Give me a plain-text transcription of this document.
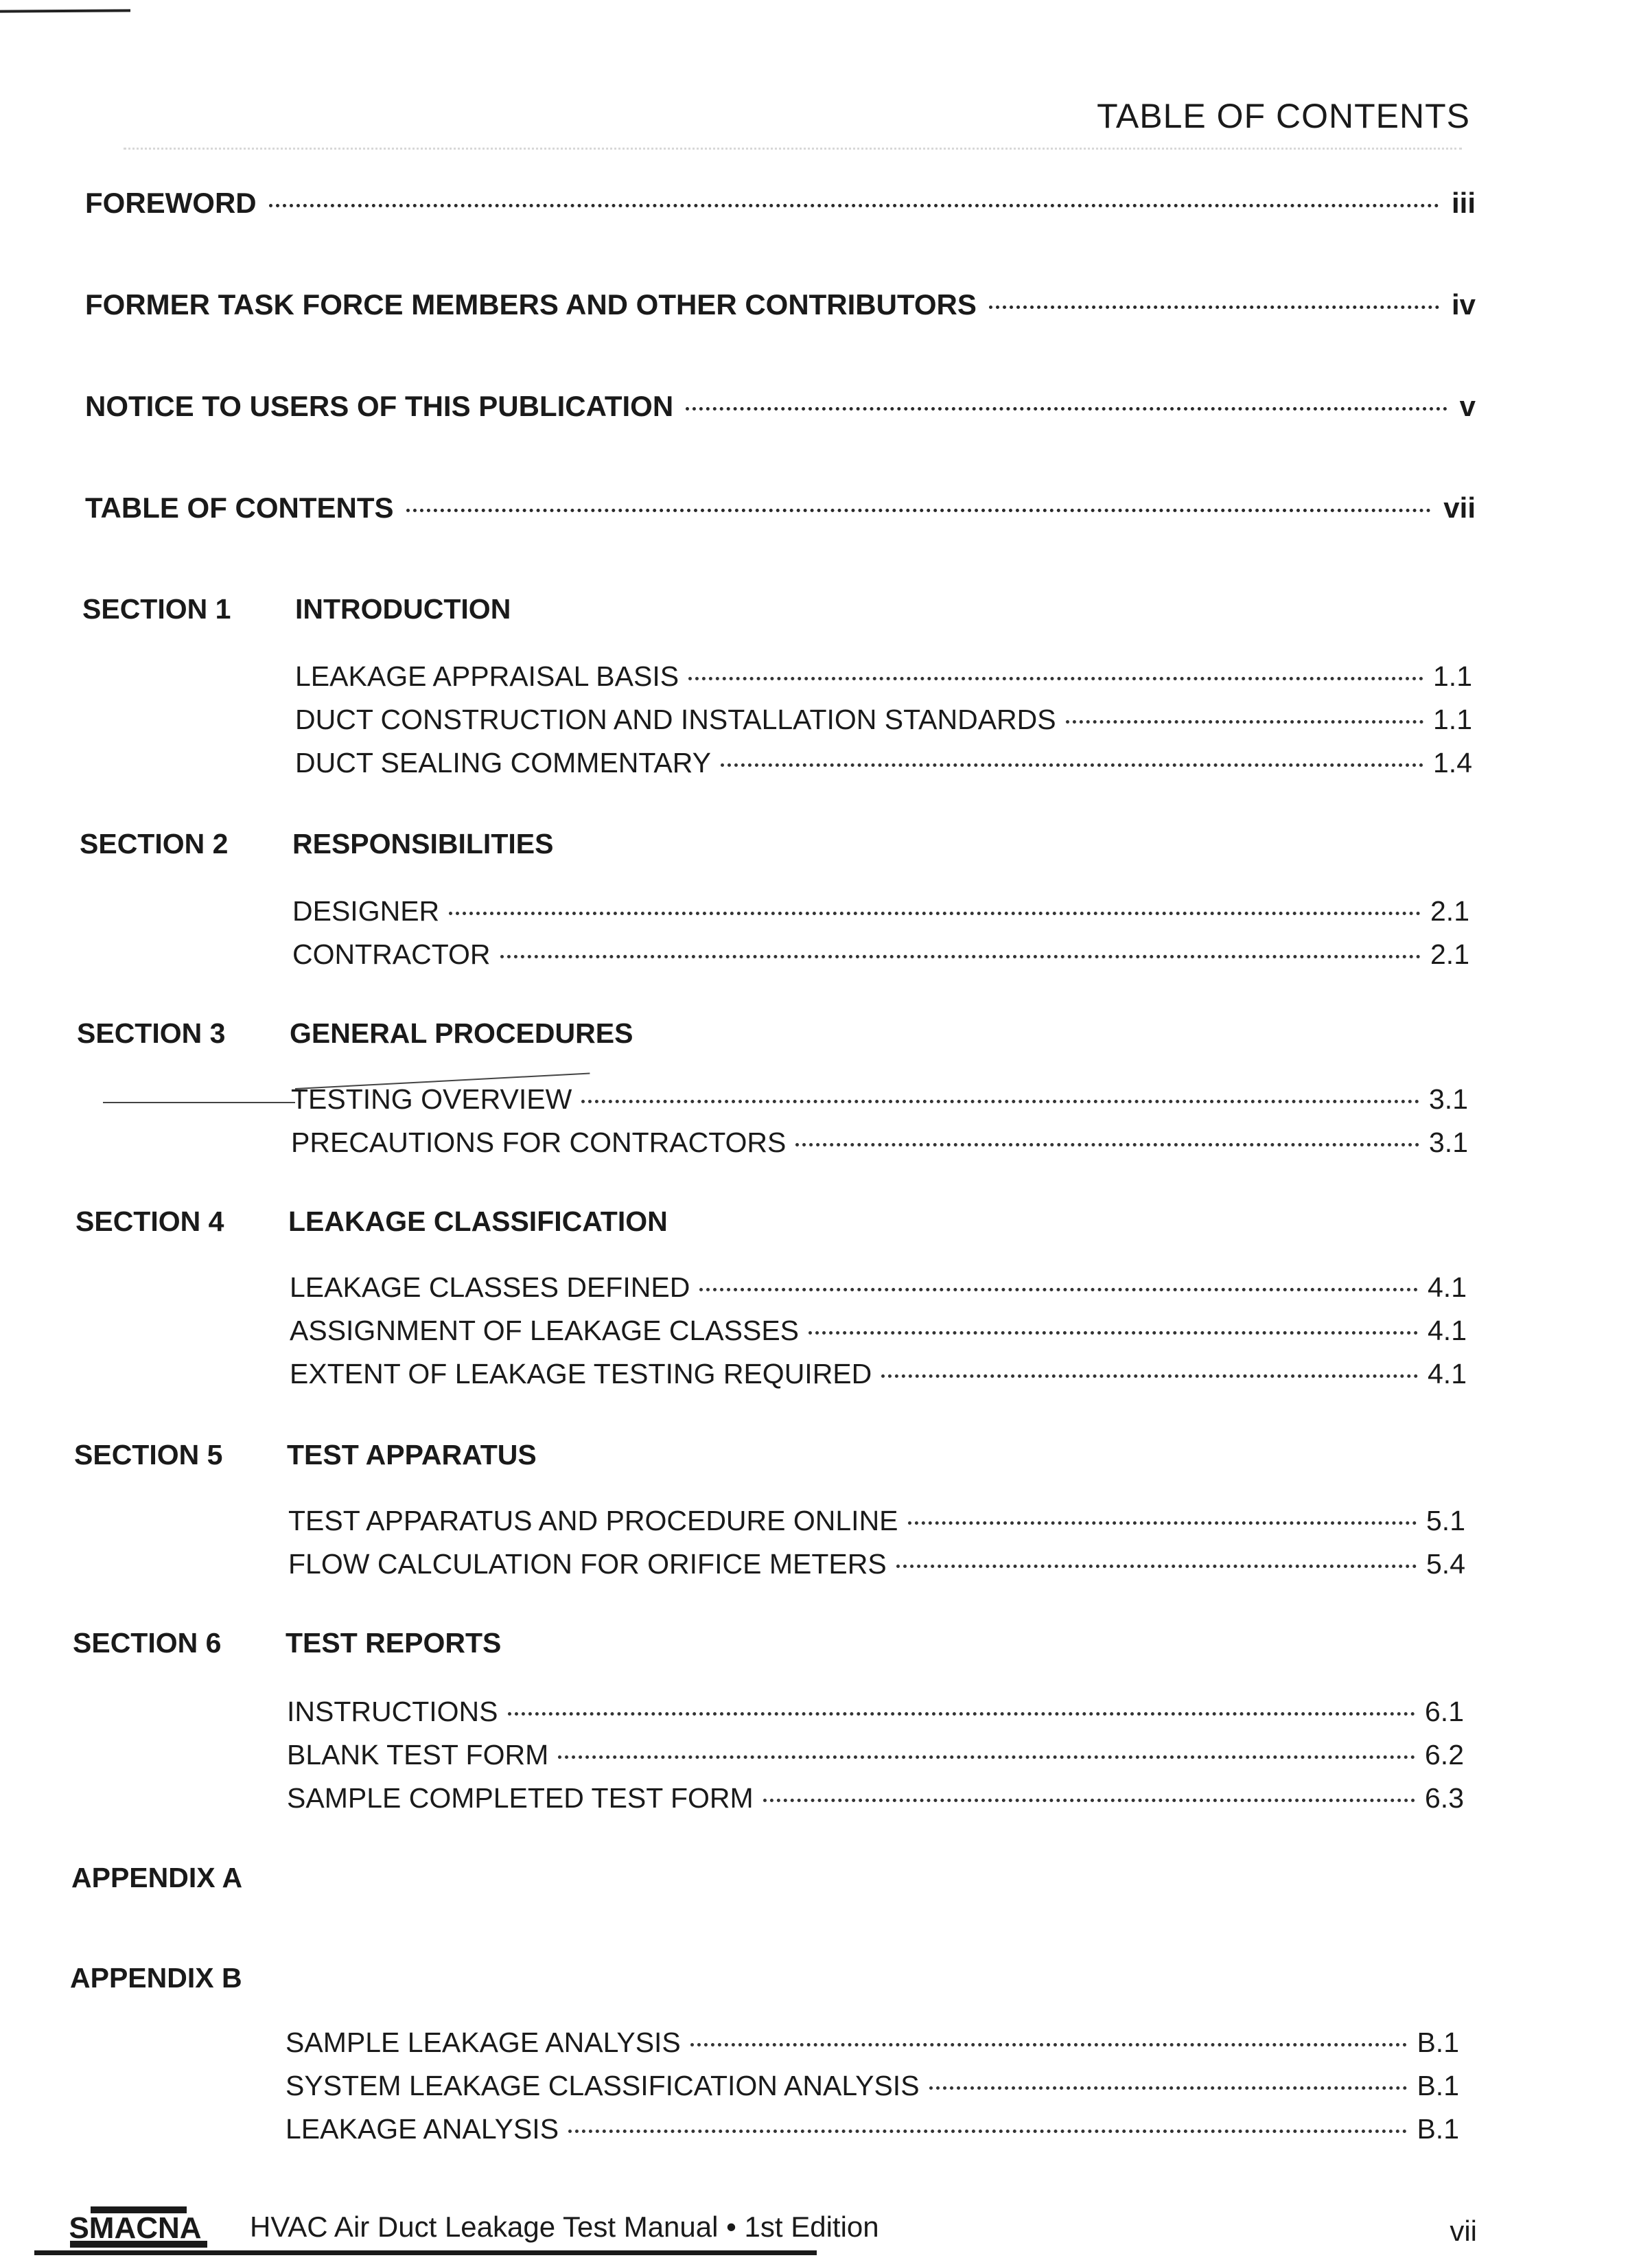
TABLE OF CONTENTS
FOREWORD	iii
FORMER TASK FORCE MEMBERS AND OTHER CONTRIBUTORS	iv
NOTICE TO USERS OF THIS PUBLICATION	v
TABLE OF CONTENTS	vii
SECTION 1	INTRODUCTION
LEAKAGE APPRAISAL BASIS	1.1
DUCT CONSTRUCTION AND INSTALLATION STANDARDS	1.1
DUCT SEALING COMMENTARY	1.4
SECTION 2	RESPONSIBILITIES
DESIGNER	2.1
CONTRACTOR	2.1
SECTION 3	GENERAL PROCEDURES
TESTING OVERVIEW	3.1
PRECAUTIONS FOR CONTRACTORS	3.1
SECTION 4	LEAKAGE CLASSIFICATION
LEAKAGE CLASSES DEFINED	4.1
ASSIGNMENT OF LEAKAGE CLASSES	4.1
EXTENT OF LEAKAGE TESTING REQUIRED	4.1
SECTION 5	TEST APPARATUS
TEST APPARATUS AND PROCEDURE ONLINE	5.1
FLOW CALCULATION FOR ORIFICE METERS	5.4
SECTION 6	TEST REPORTS
INSTRUCTIONS	6.1
BLANK TEST FORM	6.2
SAMPLE COMPLETED TEST FORM	6.3
APPENDIX A
APPENDIX B
SAMPLE LEAKAGE ANALYSIS	B.1
SYSTEM LEAKAGE CLASSIFICATION ANALYSIS	B.1
LEAKAGE ANALYSIS	B.1
SMACNA HVAC Air Duct Leakage Test Manual • 1st Edition	vii
